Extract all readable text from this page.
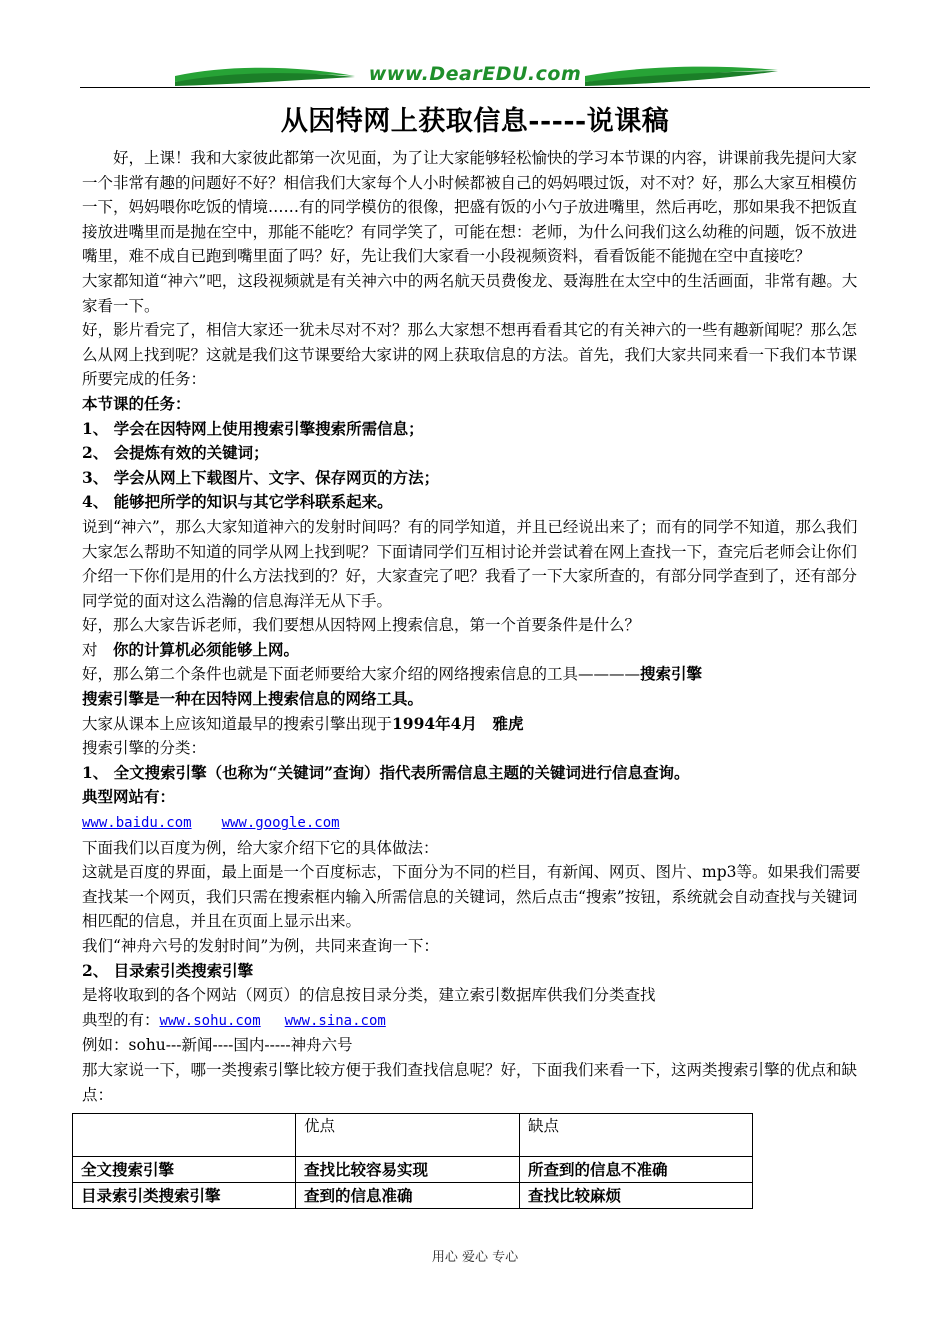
www.DearEDU.com
从因特网上获取信息-----说课稿

好，上课！我和大家彼此都第一次见面，为了让大家能够轻松愉快的学习本节课的内容，讲课前我先提问大家一个非常有趣的问题好不好？相信我们大家每个人小时候都被自己的妈妈喂过饭，对不对？好，那么大家互相模仿一下，妈妈喂你吃饭的情境……有的同学模仿的很像，把盛有饭的小勺子放进嘴里，然后再吃，那如果我不把饭直接放进嘴里而是抛在空中，那能不能吃？有同学笑了，可能在想：老师，为什么问我们这么幼稚的问题，饭不放进嘴里，难不成自已跑到嘴里面了吗？好，先让我们大家看一小段视频资料，看看饭能不能抛在空中直接吃？

大家都知道“神六”吧，这段视频就是有关神六中的两名航天员费俊龙、聂海胜在太空中的生活画面，非常有趣。大家看一下。

好，影片看完了，相信大家还一犹未尽对不对？那么大家想不想再看看其它的有关神六的一些有趣新闻呢？那么怎么从网上找到呢？这就是我们这节课要给大家讲的网上获取信息的方法。首先，我们大家共同来看一下我们本节课所要完成的任务：

本节课的任务：

1、 学会在因特网上使用搜索引擎搜索所需信息；

2、 会提炼有效的关键词；

3、 学会从网上下载图片、文字、保存网页的方法；

4、 能够把所学的知识与其它学科联系起来。

说到“神六”，那么大家知道神六的发射时间吗？有的同学知道，并且已经说出来了；而有的同学不知道，那么我们大家怎么帮助不知道的同学从网上找到呢？下面请同学们互相讨论并尝试着在网上查找一下，查完后老师会让你们介绍一下你们是用的什么方法找到的？好，大家查完了吧？我看了一下大家所查的，有部分同学查到了，还有部分同学觉的面对这么浩瀚的信息海洋无从下手。

好，那么大家告诉老师，我们要想从因特网上搜索信息，第一个首要条件是什么？

对　你的计算机必须能够上网。

好，那么第二个条件也就是下面老师要给大家介绍的网络搜索信息的工具————搜索引擎

搜索引擎是一种在因特网上搜索信息的网络工具。

大家从课本上应该知道最早的搜索引擎出现于1994年4月　雅虎

搜索引擎的分类：

1、 全文搜索引擎（也称为“关键词”查询）指代表所需信息主题的关键词进行信息查询。

典型网站有：

www.baidu.com www.google.com

下面我们以百度为例，给大家介绍下它的具体做法：

这就是百度的界面，最上面是一个百度标志，下面分为不同的栏目，有新闻、网页、图片、mp3等。如果我们需要查找某一个网页，我们只需在搜索框内输入所需信息的关键词，然后点击“搜索”按钮，系统就会自动查找与关键词相匹配的信息，并且在页面上显示出来。

我们“神舟六号的发射时间”为例，共同来查询一下：

2、 目录索引类搜索引擎

是将收取到的各个网站（网页）的信息按目录分类，建立索引数据库供我们分类查找

典型的有：www.sohu.com www.sina.com

例如：sohu---新闻----国内-----神舟六号

那大家说一下，哪一类搜索引擎比较方便于我们查找信息呢？好，下面我们来看一下，这两类搜索引擎的优点和缺点：

	优点	缺点
全文搜索引擎	查找比较容易实现	所查到的信息不准确
目录索引类搜索引擎	查到的信息准确	查找比较麻烦
用心 爱心 专心
